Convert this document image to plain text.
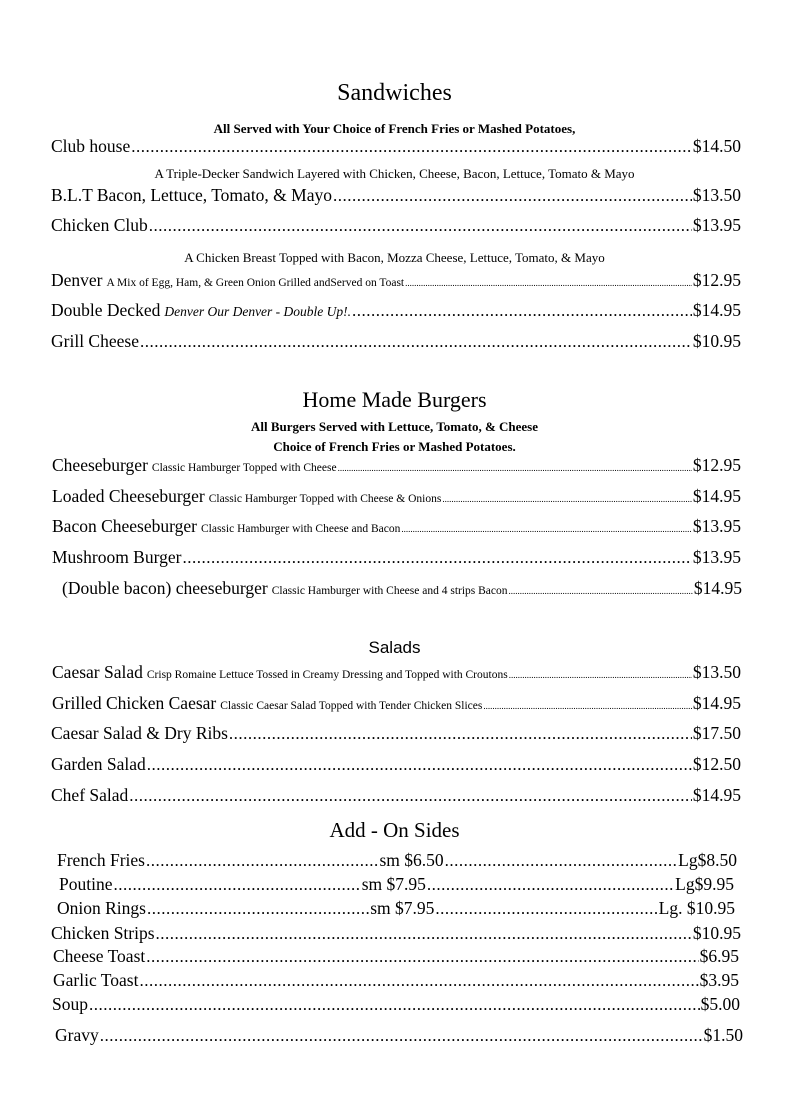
Sandwiches
All Served with Your Choice of French Fries or Mashed Potatoes,
Club house .....	$14.50
A Triple-Decker Sandwich Layered with Chicken, Cheese, Bacon, Lettuce, Tomato & Mayo
B.L.T Bacon, Lettuce, Tomato, & Mayo .....	$13.50
Chicken Club .....	$13.95
A Chicken Breast Topped with Bacon, Mozza Cheese, Lettuce, Tomato, & Mayo
Denver A Mix of Egg, Ham, & Green Onion Grilled andServed on Toast .....	$12.95
Double Decked Denver Our Denver - Double Up!. .....	$14.95
Grill Cheese .....	$10.95
Home Made Burgers
All Burgers Served with Lettuce, Tomato, & Cheese
Choice of French Fries or Mashed Potatoes.
Cheeseburger Classic Hamburger Topped with Cheese .....	$12.95
Loaded Cheeseburger Classic Hamburger Topped with Cheese & Onions .....	$14.95
Bacon Cheeseburger Classic Hamburger with Cheese and Bacon .....	$13.95
Mushroom Burger .....	$13.95
(Double bacon) cheeseburger Classic Hamburger with Cheese and 4 strips Bacon .....	$14.95
Salads
Caesar Salad Crisp Romaine Lettuce Tossed in Creamy Dressing and Topped with Croutons .....	$13.50
Grilled Chicken Caesar Classic Caesar Salad Topped with Tender Chicken Slices .....	$14.95
Caesar Salad & Dry Ribs .....	$17.50
Garden Salad .....	$12.50
Chef Salad .....	$14.95
Add - On Sides
French Fries .....	sm $6.50 .....	Lg$8.50
Poutine .....	sm $7.95 .....	Lg$9.95
Onion Rings .....	sm $7.95 .....	Lg. $10.95
Chicken Strips .....	$10.95
Cheese Toast .....	$6.95
Garlic Toast .....	$3.95
Soup .....	$5.00
Gravy .....	$1.50
